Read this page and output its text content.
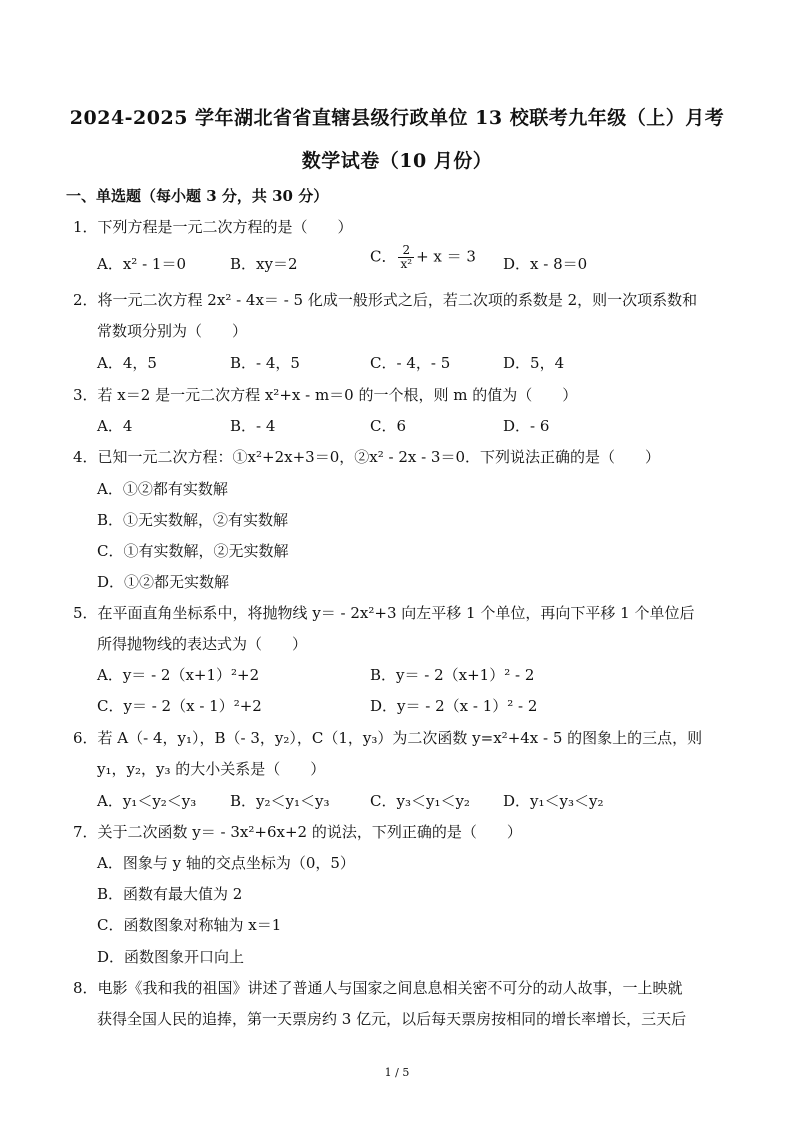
2024-2025 学年湖北省省直辖县级行政单位 13 校联考九年级（上）月考
数学试卷（10 月份）
一、单选题（每小题 3 分，共 30 分）
1．下列方程是一元二次方程的是（　　）
A．x² - 1＝0	B．xy＝2	C． $\frac{2}{\text{x²}} + x = 3$ D．x - 8＝0
2．将一元二次方程 2x² - 4x＝ - 5 化成一般形式之后，若二次项的系数是 2，则一次项系数和
常数项分别为（　　）
A．4，5	B．- 4，5	C．- 4，- 5	D．5，4
3．若 x＝2 是一元二次方程 x²+x - m＝0 的一个根，则 m 的值为（　　）
A．4	B．- 4	C．6	D．- 6
4．已知一元二次方程：①x²+2x+3＝0，②x² - 2x - 3＝0．下列说法正确的是（　　）
A．①②都有实数解
B．①无实数解，②有实数解
C．①有实数解，②无实数解
D．①②都无实数解
5．在平面直角坐标系中，将抛物线 y＝ - 2x²+3 向左平移 1 个单位，再向下平移 1 个单位后
所得抛物线的表达式为（　　）
A．y＝ - 2（x+1）²+2	B．y＝ - 2（x+1）² - 2
C．y＝ - 2（x - 1）²+2	D．y＝ - 2（x - 1）² - 2
6．若 A（- 4，y₁），B（- 3，y₂），C（1，y₃）为二次函数 y=x²+4x - 5 的图象上的三点，则
y₁，y₂，y₃ 的大小关系是（　　）
A．y₁＜y₂＜y₃ B．y₂＜y₁＜y₃	C．y₃＜y₁＜y₂ D．y₁＜y₃＜y₂
7．关于二次函数 y＝ - 3x²+6x+2 的说法，下列正确的是（　　）
A．图象与 y 轴的交点坐标为（0，5）
B．函数有最大值为 2
C．函数图象对称轴为 x＝1
D．函数图象开口向上
8．电影《我和我的祖国》讲述了普通人与国家之间息息相关密不可分的动人故事，一上映就
获得全国人民的追捧，第一天票房约 3 亿元，以后每天票房按相同的增长率增长，三天后
1 / 5
